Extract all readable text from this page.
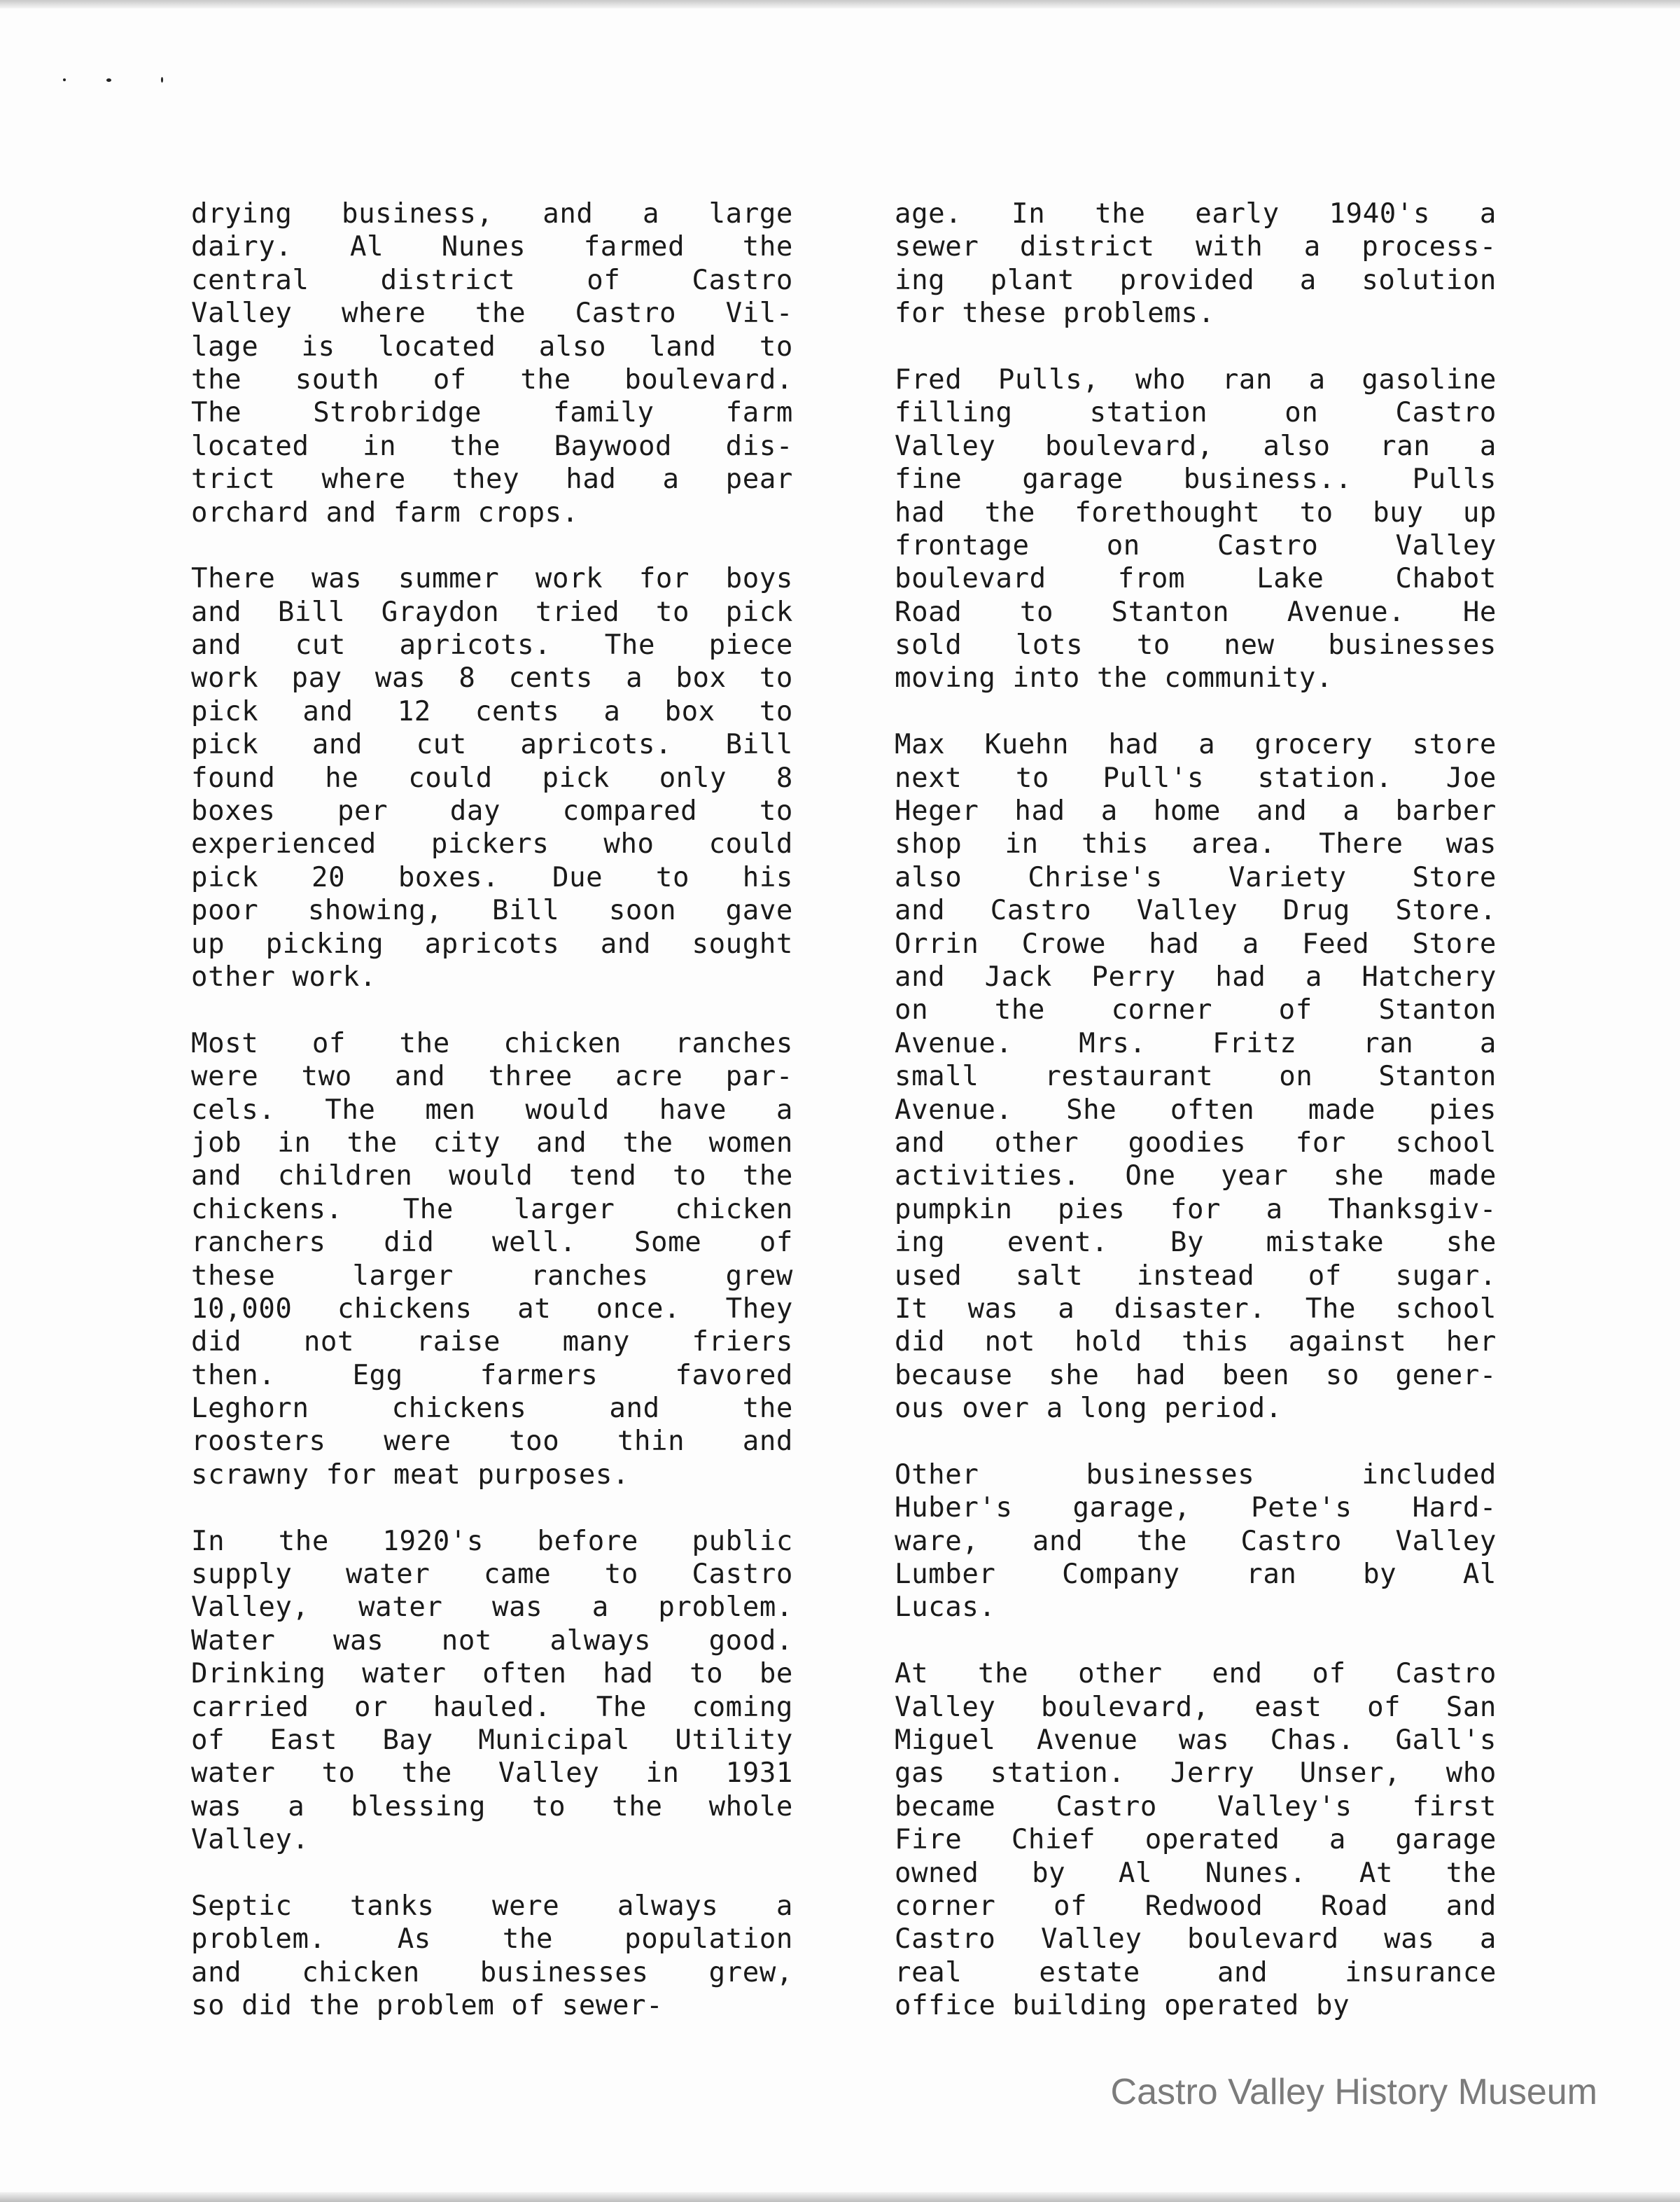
drying business, and a large
dairy. Al Nunes farmed the
central district of Castro
Valley where the Castro Vil-
lage is located also land to
the south of the boulevard.
The Strobridge family farm
located in the Baywood dis-
trict where they had a pear
orchard and farm crops.
There was summer work for boys
and Bill Graydon tried to pick
and cut apricots. The piece
work pay was 8 cents a box to
pick and 12 cents a box to
pick and cut apricots. Bill
found he could pick only 8
boxes per day compared to
experienced pickers who could
pick 20 boxes. Due to his
poor showing, Bill soon gave
up picking apricots and sought
other work.
Most of the chicken ranches
were two and three acre par-
cels. The men would have a
job in the city and the women
and children would tend to the
chickens. The larger chicken
ranchers did well. Some of
these larger ranches grew
10,000 chickens at once. They
did not raise many friers
then. Egg farmers favored
Leghorn chickens and the
roosters were too thin and
scrawny for meat purposes.
In the 1920's before public
supply water came to Castro
Valley, water was a problem.
Water was not always good.
Drinking water often had to be
carried or hauled. The coming
of East Bay Municipal Utility
water to the Valley in 1931
was a blessing to the whole
Valley.
Septic tanks were always a
problem. As the population
and chicken businesses grew,
so did the problem of sewer-
age. In the early 1940's a
sewer district with a process-
ing plant provided a solution
for these problems.
Fred Pulls, who ran a gasoline
filling station on Castro
Valley boulevard, also ran a
fine garage business.. Pulls
had the forethought to buy up
frontage on Castro Valley
boulevard from Lake Chabot
Road to Stanton Avenue. He
sold lots to new businesses
moving into the community.
Max Kuehn had a grocery store
next to Pull's station. Joe
Heger had a home and a barber
shop in this area. There was
also Chrise's Variety Store
and Castro Valley Drug Store.
Orrin Crowe had a Feed Store
and Jack Perry had a Hatchery
on the corner of Stanton
Avenue. Mrs. Fritz ran a
small restaurant on Stanton
Avenue. She often made pies
and other goodies for school
activities. One year she made
pumpkin pies for a Thanksgiv-
ing event. By mistake she
used salt instead of sugar.
It was a disaster. The school
did not hold this against her
because she had been so gener-
ous over a long period.
Other businesses included
Huber's garage, Pete's Hard-
ware, and the Castro Valley
Lumber Company ran by Al
Lucas.
At the other end of Castro
Valley boulevard, east of San
Miguel Avenue was Chas. Gall's
gas station. Jerry Unser, who
became Castro Valley's first
Fire Chief operated a garage
owned by Al Nunes. At the
corner of Redwood Road and
Castro Valley boulevard was a
real estate and insurance
office building operated by
Castro Valley History Museum
